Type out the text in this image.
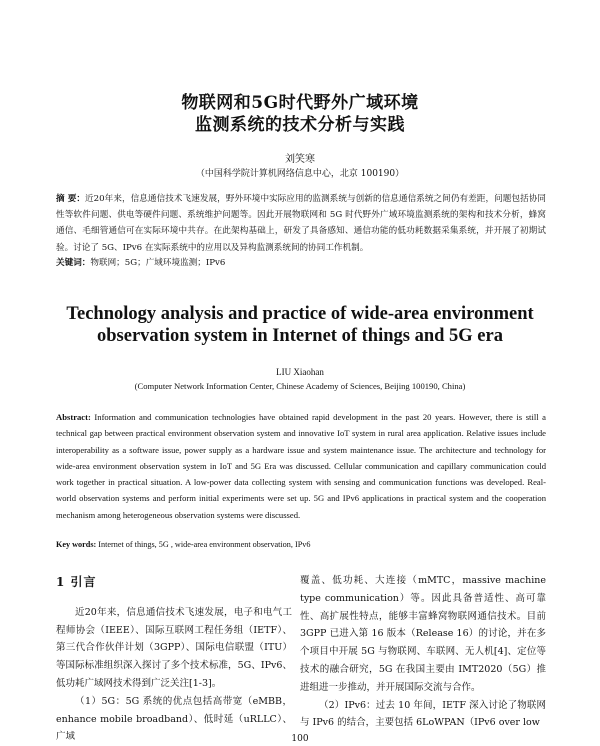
物联网和5G时代野外广域环境
监测系统的技术分析与实践
刘笑寒
（中国科学院计算机网络信息中心，北京 100190）
摘 要：近20年来，信息通信技术飞速发展，野外环境中实际应用的监测系统与创新的信息通信系统之间仍有差距，问题包括协同性等软件问题、供电等硬件问题、系统维护问题等。因此开展物联网和 5G 时代野外广域环境监测系统的架构和技术分析，蜂窝通信、毛细管通信可在实际环境中共存。在此架构基础上，研发了具备感知、通信功能的低功耗数据采集系统，并开展了初期试验。讨论了 5G、IPv6 在实际系统中的应用以及异构监测系统间的协同工作机制。
关键词：物联网；5G；广域环境监测；IPv6
Technology analysis and practice of wide-area environment
observation system in Internet of things and 5G era
LIU Xiaohan
(Computer Network Information Center, Chinese Academy of Sciences, Beijing 100190, China)
Abstract: Information and communication technologies have obtained rapid development in the past 20 years. However, there is still a technical gap between practical environment observation system and innovative IoT system in rural area application. Relative issues include interoperability as a software issue, power supply as a hardware issue and system maintenance issue. The architecture and technology for wide-area environment observation system in IoT and 5G Era was discussed. Cellular communication and capillary communication could work together in practical situation. A low-power data collecting system with sensing and communication functions was developed. Real-world observation systems and perform initial experiments were set up. 5G and IPv6 applications in practical system and the cooperation mechanism among heterogeneous observation systems were discussed.
Key words: Internet of things, 5G , wide-area environment observation, IPv6
1 引言

近20年来，信息通信技术飞速发展，电子和电气工程师协会（IEEE）、国际互联网工程任务组（IETF）、第三代合作伙伴计划（3GPP）、国际电信联盟（ITU）等国际标准组织深入探讨了多个技术标准，5G、IPv6、低功耗广域网技术得到广泛关注[1-3]。

（1）5G：5G 系统的优点包括高带宽（eMBB，enhance mobile broadband）、低时延（uRLLC）、广域

覆盖、低功耗、大连接（mMTC，massive machine type communication）等。因此具备普适性、高可靠性、高扩展性特点，能够丰富蜂窝物联网通信技术。目前 3GPP 已进入第 16 版本（Release 16）的讨论，并在多个项目中开展 5G 与物联网、车联网、无人机[4]、定位等技术的融合研究，5G 在我国主要由 IMT2020（5G）推进组进一步推动，并开展国际交流与合作。

（2）IPv6：过去 10 年间，IETF 深入讨论了物联网与 IPv6 的结合，主要包括 6LoWPAN（IPv6 over low

100
